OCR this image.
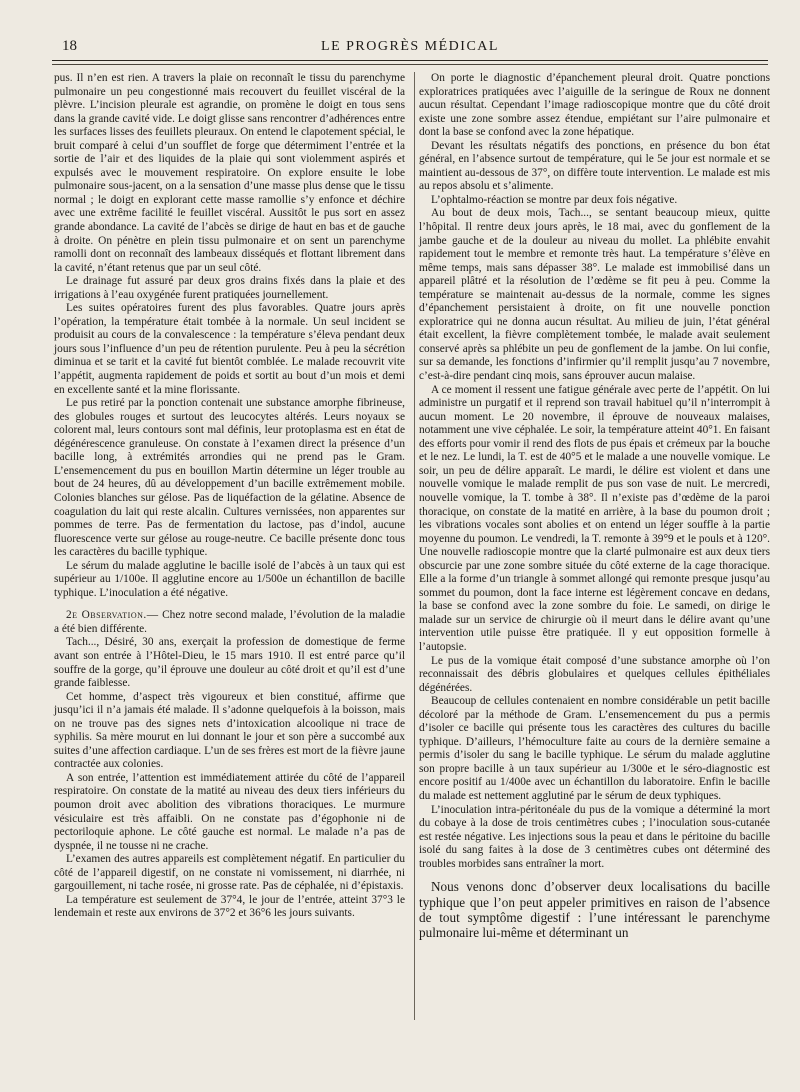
18	LE PROGRÈS MÉDICAL

pus. Il n’en est rien. A travers la plaie on reconnaît le tissu du parenchyme pulmonaire un peu congestionné mais recouvert du feuillet viscéral de la plèvre. L’incision pleurale est agrandie, on promène le doigt en tous sens dans la grande cavité vide. Le doigt glisse sans rencontrer d’adhérences entre les surfaces lisses des feuillets pleuraux. On entend le clapotement spécial, le bruit comparé à celui d’un soufflet de forge que détermiment l’entrée et la sortie de l’air et des liquides de la plaie qui sont violemment aspirés et expulsés avec le mouvement respiratoire. On explore ensuite le lobe pulmonaire sous-jacent, on a la sensation d’une masse plus dense que le tissu normal ; le doigt en explorant cette masse ramollie s’y enfonce et déchire avec une extrême facilité le feuillet viscéral. Aussitôt le pus sort en assez grande abondance. La cavité de l’abcès se dirige de haut en bas et de gauche à droite. On pénètre en plein tissu pulmonaire et on sent un parenchyme ramolli dont on reconnaît des lambeaux disséqués et flottant librement dans la cavité, n’étant retenus que par un seul côté.

Le drainage fut assuré par deux gros drains fixés dans la plaie et des irrigations à l’eau oxygénée furent pratiquées journellement.

Les suites opératoires furent des plus favorables. Quatre jours après l’opération, la température était tombée à la normale. Un seul incident se produisit au cours de la convalescence : la température s’éleva pendant deux jours sous l’influence d’un peu de rétention purulente. Peu à peu la sécrétion diminua et se tarit et la cavité fut bientôt comblée. Le malade recouvrit vite l’appétit, augmenta rapidement de poids et sortit au bout d’un mois et demi en excellente santé et la mine florissante.

Le pus retiré par la ponction contenait une substance amorphe fibrineuse, des globules rouges et surtout des leucocytes altérés. Leurs noyaux se colorent mal, leurs contours sont mal définis, leur protoplasma est en état de dégénérescence granuleuse. On constate à l’examen direct la présence d’un bacille long, à extrémités arrondies qui ne prend pas le Gram. L’ensemencement du pus en bouillon Martin détermine un léger trouble au bout de 24 heures, dû au développement d’un bacille extrêmement mobile. Colonies blanches sur gélose. Pas de liquéfaction de la gélatine. Absence de coagulation du lait qui reste alcalin. Cultures vernissées, non apparentes sur pommes de terre. Pas de fermentation du lactose, pas d’indol, aucune fluorescence verte sur gélose au rouge-neutre. Ce bacille présente donc tous les caractères du bacille typhique.

Le sérum du malade agglutine le bacille isolé de l’abcès à un taux qui est supérieur au 1/100e. Il agglutine encore au 1/500e un échantillon de bacille typhique. L’inoculation a été négative.

2e Observation.— Chez notre second malade, l’évolution de la maladie a été bien différente.

Tach..., Désiré, 30 ans, exerçait la profession de domestique de ferme avant son entrée à l’Hôtel-Dieu, le 15 mars 1910. Il est entré parce qu’il souffre de la gorge, qu’il éprouve une douleur au côté droit et qu’il est d’une grande faiblesse.

Cet homme, d’aspect très vigoureux et bien constitué, affirme que jusqu’ici il n’a jamais été malade. Il s’adonne quelquefois à la boisson, mais on ne trouve pas des signes nets d’intoxication alcoolique ni trace de syphilis. Sa mère mourut en lui donnant le jour et son père a succombé aux suites d’une affection cardiaque. L’un de ses frères est mort de la fièvre jaune contractée aux colonies.

A son entrée, l’attention est immédiatement attirée du côté de l’appareil respiratoire. On constate de la matité au niveau des deux tiers inférieurs du poumon droit avec abolition des vibrations thoraciques. Le murmure vésiculaire est très affaibli. On ne constate pas d’égophonie ni de pectoriloquie aphone. Le côté gauche est normal. Le malade n’a pas de dyspnée, il ne tousse ni ne crache.

L’examen des autres appareils est complètement négatif. En particulier du côté de l’appareil digestif, on ne constate ni vomissement, ni diarrhée, ni gargouillement, ni tache rosée, ni grosse rate. Pas de céphalée, ni d’épistaxis.

La température est seulement de 37°4, le jour de l’entrée, atteint 37°3 le lendemain et reste aux environs de 37°2 et 36°6 les jours suivants.

On porte le diagnostic d’épanchement pleural droit. Quatre ponctions exploratrices pratiquées avec l’aiguille de la seringue de Roux ne donnent aucun résultat. Cependant l’image radioscopique montre que du côté droit existe une zone sombre assez étendue, empiétant sur l’aire pulmonaire et dont la base se confond avec la zone hépatique.

Devant les résultats négatifs des ponctions, en présence du bon état général, en l’absence surtout de température, qui le 5e jour est normale et se maintient au-dessous de 37°, on diffère toute intervention. Le malade est mis au repos absolu et s’alimente.

L’ophtalmo-réaction se montre par deux fois négative.

Au bout de deux mois, Tach..., se sentant beaucoup mieux, quitte l’hôpital. Il rentre deux jours après, le 18 mai, avec du gonflement de la jambe gauche et de la douleur au niveau du mollet. La phlébite envahit rapidement tout le membre et remonte très haut. La température s’élève en même temps, mais sans dépasser 38°. Le malade est immobilisé dans un appareil plâtré et la résolution de l’œdème se fit peu à peu. Comme la température se maintenait au-dessus de la normale, comme les signes d’épanchement persistaient à droite, on fit une nouvelle ponction exploratrice qui ne donna aucun résultat. Au milieu de juin, l’état général était excellent, la fièvre complètement tombée, le malade avait seulement conservé après sa phlébite un peu de gonflement de la jambe. On lui confie, sur sa demande, les fonctions d’infirmier qu’il remplit jusqu’au 7 novembre, c’est-à-dire pendant cinq mois, sans éprouver aucun malaise.

A ce moment il ressent une fatigue générale avec perte de l’appétit. On lui administre un purgatif et il reprend son travail habituel qu’il n’interrompit à aucun moment. Le 20 novembre, il éprouve de nouveaux malaises, notamment une vive céphalée. Le soir, la température atteint 40°1. En faisant des efforts pour vomir il rend des flots de pus épais et crémeux par la bouche et le nez. Le lundi, la T. est de 40°5 et le malade a une nouvelle vomique. Le soir, un peu de délire apparaît. Le mardi, le délire est violent et dans une nouvelle vomique le malade remplit de pus son vase de nuit. Le mercredi, nouvelle vomique, la T. tombe à 38°. Il n’existe pas d’œdème de la paroi thoracique, on constate de la matité en arrière, à la base du poumon droit ; les vibrations vocales sont abolies et on entend un léger souffle à la partie moyenne du poumon. Le vendredi, la T. remonte à 39°9 et le pouls et à 120°. Une nouvelle radioscopie montre que la clarté pulmonaire est aux deux tiers obscurcie par une zone sombre située du côté externe de la cage thoracique. Elle a la forme d’un triangle à sommet allongé qui remonte presque jusqu’au sommet du poumon, dont la face interne est légèrement concave en dedans, la base se confond avec la zone sombre du foie. Le samedi, on dirige le malade sur un service de chirurgie où il meurt dans le délire avant qu’une intervention utile puisse être pratiquée. Il y eut opposition formelle à l’autopsie.

Le pus de la vomique était composé d’une substance amorphe où l’on reconnaissait des débris globulaires et quelques cellules épithéliales dégénérées.

Beaucoup de cellules contenaient en nombre considérable un petit bacille décoloré par la méthode de Gram. L’ensemencement du pus a permis d’isoler ce bacille qui présente tous les caractères des cultures du bacille typhique. D’ailleurs, l’hémoculture faite au cours de la dernière semaine a permis d’isoler du sang le bacille typhique. Le sérum du malade agglutine son propre bacille à un taux supérieur au 1/300e et le séro-diagnostic est encore positif au 1/400e avec un échantillon du laboratoire. Enfin le bacille du malade est nettement agglutiné par le sérum de deux typhiques.

L’inoculation intra-péritonéale du pus de la vomique a déterminé la mort du cobaye à la dose de trois centimètres cubes ; l’inoculation sous-cutanée est restée négative. Les injections sous la peau et dans le péritoine du bacille isolé du sang faites à la dose de 3 centimètres cubes ont déterminé des troubles morbides sans entraîner la mort.

Nous venons donc d’observer deux localisations du bacille typhique que l’on peut appeler primitives en raison de l’absence de tout symptôme digestif : l’une intéressant le parenchyme pulmonaire lui-même et déterminant un
